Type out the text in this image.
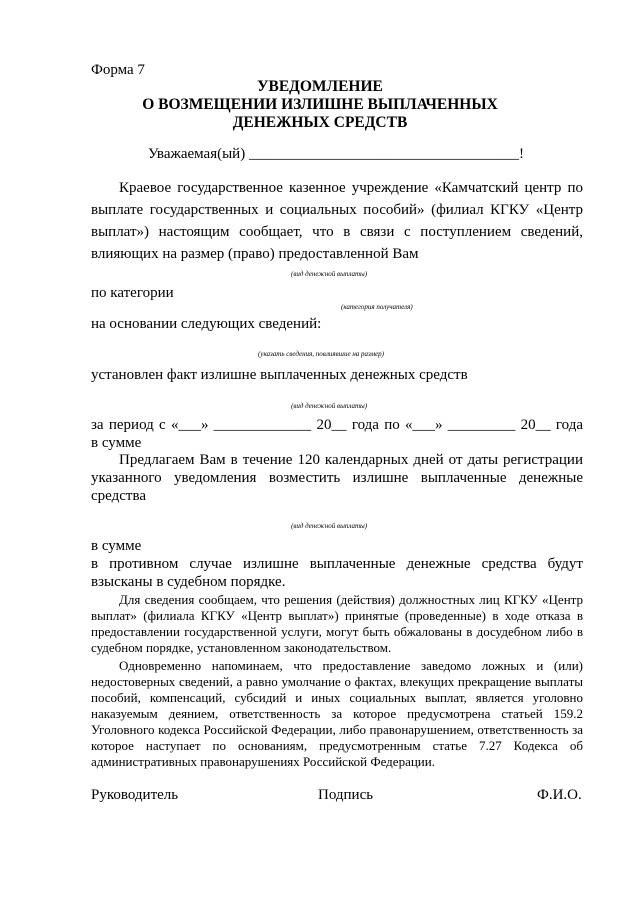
Форма 7
УВЕДОМЛЕНИЕ
О ВОЗМЕЩЕНИИ ИЗЛИШНЕ ВЫПЛАЧЕННЫХ
ДЕНЕЖНЫХ СРЕДСТВ
Уважаемая(ый) ____________________________________!
Краевое государственное казенное учреждение «Камчатский центр по
выплате государственных и социальных пособий» (филиал КГКУ «Центр
выплат») настоящим сообщает, что в связи с поступлением сведений,
влияющих на размер (право) предоставленной Вам
(вид денежной выплаты)
по категории
(категория получателя)
на основании следующих сведений:
(указать сведения, повлиявшие на размер)
установлен факт излишне выплаченных денежных средств
(вид денежной выплаты)
за период с «___» _____________ 20__ года по «___» _________ 20__ года
в сумме
Предлагаем Вам в течение 120 календарных дней от даты регистрации
указанного уведомления возместить излишне выплаченные денежные
средства
(вид денежной выплаты)
в сумме
в противном случае излишне выплаченные денежные средства будут
взысканы в судебном порядке.
Для сведения сообщаем, что решения (действия) должностных лиц КГКУ «Центр
выплат» (филиала КГКУ «Центр выплат») принятые (проведенные) в ходе отказа в
предоставлении государственной услуги, могут быть обжалованы в досудебном либо в
судебном порядке, установленном законодательством.
Одновременно напоминаем, что предоставление заведомо ложных и (или)
недостоверных сведений, а равно умолчание о фактах, влекущих прекращение выплаты
пособий, компенсаций, субсидий и иных социальных выплат, является уголовно
наказуемым деянием, ответственность за которое предусмотрена статьей 159.2
Уголовного кодекса Российской Федерации, либо правонарушением, ответственность за
которое наступает по основаниям, предусмотренным статье 7.27 Кодекса об
административных правонарушениях Российской Федерации.
Руководитель	Подпись	Ф.И.О.
